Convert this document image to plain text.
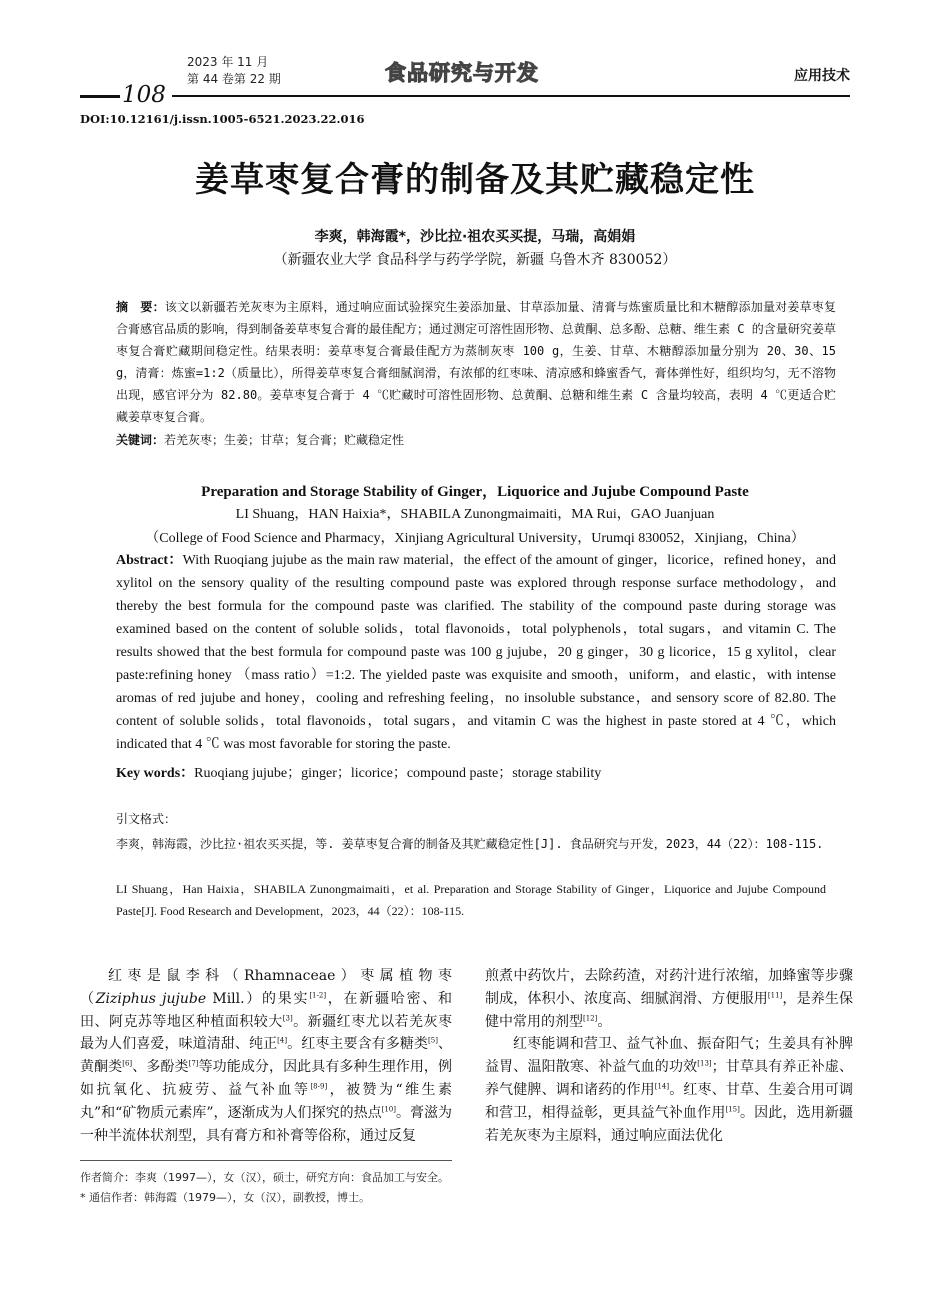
2023 年 11 月
第 44 卷第 22 期
108
食品研究与开发	应用技术
DOI:10.12161/j.issn.1005-6521.2023.22.016
姜草枣复合膏的制备及其贮藏稳定性
李爽，韩海霞*，沙比拉·祖农买买提，马瑞，高娟娟
（新疆农业大学 食品科学与药学学院，新疆 乌鲁木齐 830052）
摘　要：该文以新疆若羌灰枣为主原料，通过响应面试验探究生姜添加量、甘草添加量、清膏与炼蜜质量比和木糖醇添加量对姜草枣复合膏感官品质的影响，得到制备姜草枣复合膏的最佳配方；通过测定可溶性固形物、总黄酮、总多酚、总糖、维生素 C 的含量研究姜草枣复合膏贮藏期间稳定性。结果表明：姜草枣复合膏最佳配方为蒸制灰枣 100 g，生姜、甘草、木糖醇添加量分别为 20、30、15 g，清膏：炼蜜=1:2（质量比），所得姜草枣复合膏细腻润滑，有浓郁的红枣味、清凉感和蜂蜜香气，膏体弹性好，组织均匀，无不溶物出现，感官评分为 82.80。姜草枣复合膏于 4 ℃贮藏时可溶性固形物、总黄酮、总糖和维生素 C 含量均较高，表明 4 ℃更适合贮藏姜草枣复合膏。
关键词：若羌灰枣；生姜；甘草；复合膏；贮藏稳定性
Preparation and Storage Stability of Ginger，Liquorice and Jujube Compound Paste
LI Shuang，HAN Haixia*，SHABILA Zunongmaimaiti，MA Rui，GAO Juanjuan
（College of Food Science and Pharmacy，Xinjiang Agricultural University，Urumqi 830052，Xinjiang，China）
Abstract：With Ruoqiang jujube as the main raw material，the effect of the amount of ginger，licorice，refined honey，and xylitol on the sensory quality of the resulting compound paste was explored through response surface methodology，and thereby the best formula for the compound paste was clarified. The stability of the compound paste during storage was examined based on the content of soluble solids，total flavonoids，total polyphenols，total sugars，and vitamin C. The results showed that the best formula for compound paste was 100 g jujube，20 g ginger，30 g licorice，15 g xylitol，clear paste:refining honey （mass ratio）=1:2. The yielded paste was exquisite and smooth，uniform，and elastic，with intense aromas of red jujube and honey，cooling and refreshing feeling，no insoluble substance，and sensory score of 82.80. The content of soluble solids，total flavonoids，total sugars，and vitamin C was the highest in paste stored at 4 ℃，which indicated that 4 ℃ was most favorable for storing the paste.
Key words：Ruoqiang jujube；ginger；licorice；compound paste；storage stability
引文格式：
李爽，韩海霞，沙比拉·祖农买买提，等. 姜草枣复合膏的制备及其贮藏稳定性[J]. 食品研究与开发，2023，44（22）：108-115.
LI Shuang，Han Haixia，SHABILA Zunongmaimaiti，et al. Preparation and Storage Stability of Ginger，Liquorice and Jujube Compound Paste[J]. Food Research and Development，2023，44（22）：108-115.

红枣是鼠李科（Rhamnaceae）枣属植物枣（Ziziphus jujube Mill.）的果实[1-2]，在新疆哈密、和田、阿克苏等地区种植面积较大[3]。新疆红枣尤以若羌灰枣最为人们喜爱，味道清甜、纯正[4]。红枣主要含有多糖类[5]、黄酮类[6]、多酚类[7]等功能成分，因此具有多种生理作用，例如抗氧化、抗疲劳、益气补血等[8-9]，被赞为“维生素丸”和“矿物质元素库”，逐渐成为人们探究的热点[10]。膏滋为一种半流体状剂型，具有膏方和补膏等俗称，通过反复

煎煮中药饮片，去除药渣，对药汁进行浓缩，加蜂蜜等步骤制成，体积小、浓度高、细腻润滑、方便服用[11]，是养生保健中常用的剂型[12]。

红枣能调和营卫、益气补血、振奋阳气；生姜具有补脾益胃、温阳散寒、补益气血的功效[13]；甘草具有养正补虚、养气健脾、调和诸药的作用[14]。红枣、甘草、生姜合用可调和营卫，相得益彰，更具益气补血作用[15]。因此，选用新疆若羌灰枣为主原料，通过响应面法优化

作者简介：李爽（1997—），女（汉），硕士，研究方向：食品加工与安全。
* 通信作者：韩海霞（1979—），女（汉），副教授，博士。
